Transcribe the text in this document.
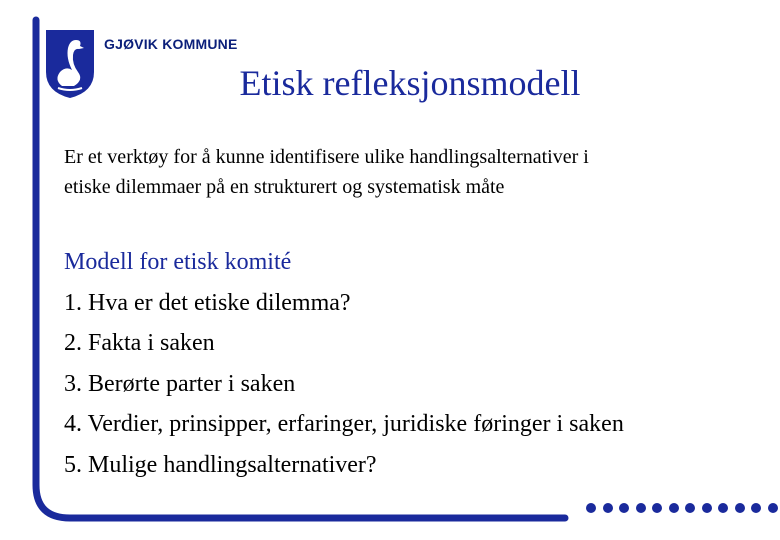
GJØVIK KOMMUNE
Etisk refleksjonsmodell
Er et verktøy for å kunne identifisere ulike handlingsalternativer i
etiske dilemmaer på en strukturert og systematisk måte
Modell for etisk komité
1. Hva er det etiske dilemma?
2. Fakta i saken
3. Berørte parter i saken
4. Verdier, prinsipper, erfaringer, juridiske føringer i saken
5. Mulige handlingsalternativer?
